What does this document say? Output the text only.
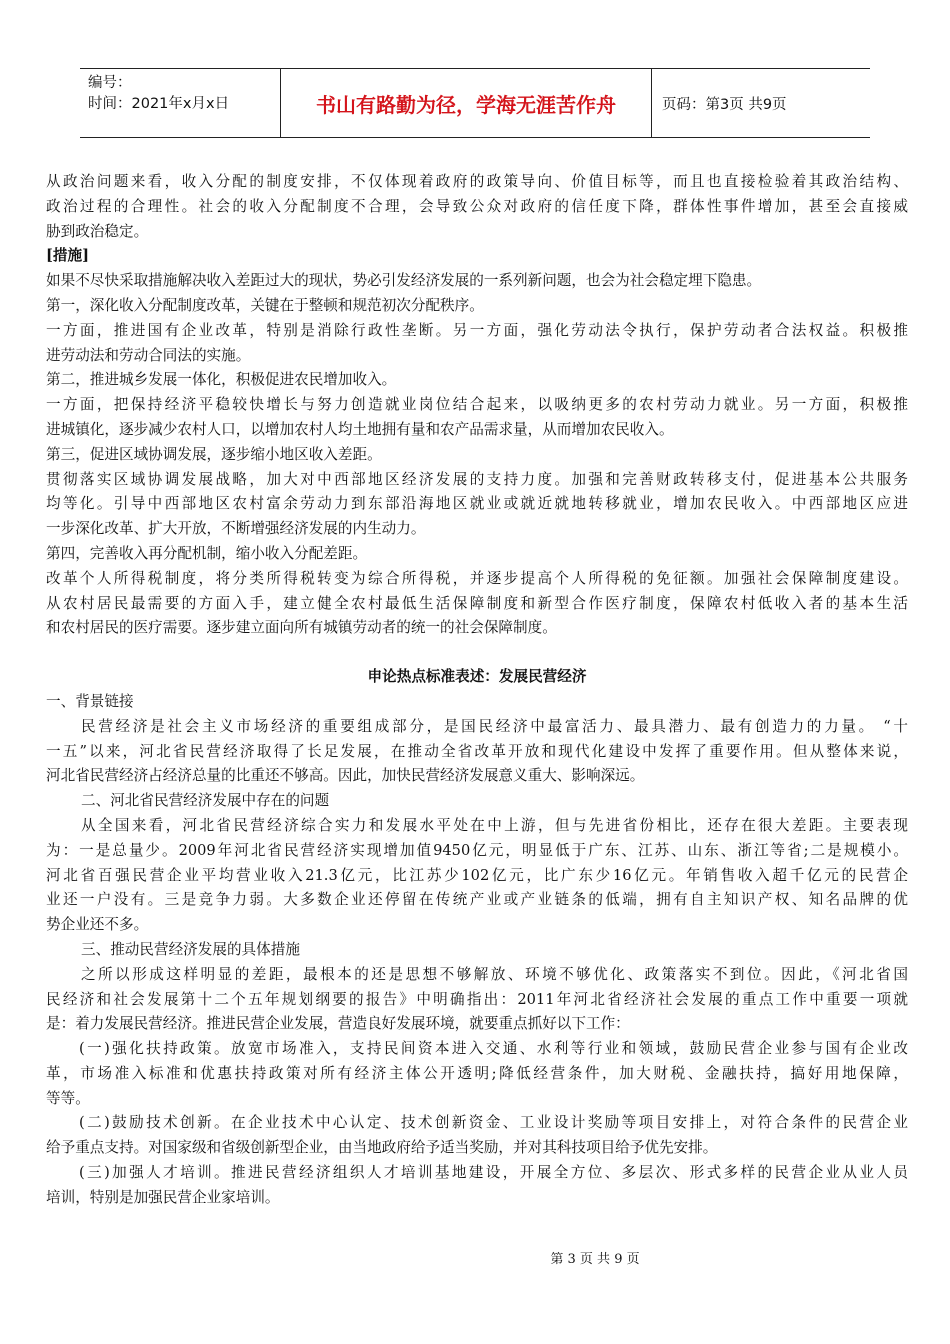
编号：
时间：2021年x月x日	书山有路勤为径，学海无涯苦作舟	页码：第3页 共9页
从政治问题来看，收入分配的制度安排，不仅体现着政府的政策导向、价值目标等，而且也直接检验着其政治结构、
政治过程的合理性。社会的收入分配制度不合理，会导致公众对政府的信任度下降，群体性事件增加，甚至会直接威
胁到政治稳定。
[措施]
如果不尽快采取措施解决收入差距过大的现状，势必引发经济发展的一系列新问题，也会为社会稳定埋下隐患。
第一，深化收入分配制度改革，关键在于整顿和规范初次分配秩序。
一方面，推进国有企业改革，特别是消除行政性垄断。另一方面，强化劳动法令执行，保护劳动者合法权益。积极推
进劳动法和劳动合同法的实施。
第二，推进城乡发展一体化，积极促进农民增加收入。
一方面，把保持经济平稳较快增长与努力创造就业岗位结合起来，以吸纳更多的农村劳动力就业。另一方面，积极推
进城镇化，逐步减少农村人口，以增加农村人均土地拥有量和农产品需求量，从而增加农民收入。
第三，促进区域协调发展，逐步缩小地区收入差距。
贯彻落实区域协调发展战略，加大对中西部地区经济发展的支持力度。加强和完善财政转移支付，促进基本公共服务
均等化。引导中西部地区农村富余劳动力到东部沿海地区就业或就近就地转移就业，增加农民收入。中西部地区应进
一步深化改革、扩大开放，不断增强经济发展的内生动力。
第四，完善收入再分配机制，缩小收入分配差距。
改革个人所得税制度，将分类所得税转变为综合所得税，并逐步提高个人所得税的免征额。加强社会保障制度建设。
从农村居民最需要的方面入手，建立健全农村最低生活保障制度和新型合作医疗制度，保障农村低收入者的基本生活
和农村居民的医疗需要。逐步建立面向所有城镇劳动者的统一的社会保障制度。
申论热点标准表述：发展民营经济
一、背景链接
民营经济是社会主义市场经济的重要组成部分，是国民经济中最富活力、最具潜力、最有创造力的力量。 “十
一五”以来，河北省民营经济取得了长足发展，在推动全省改革开放和现代化建设中发挥了重要作用。但从整体来说，
河北省民营经济占经济总量的比重还不够高。因此，加快民营经济发展意义重大、影响深远。
二、河北省民营经济发展中存在的问题
从全国来看，河北省民营经济综合实力和发展水平处在中上游，但与先进省份相比，还存在很大差距。主要表现
为：一是总量少。2009年河北省民营经济实现增加值9450亿元，明显低于广东、江苏、山东、浙江等省;二是规模小。
河北省百强民营企业平均营业收入21.3亿元，比江苏少102亿元，比广东少16亿元。年销售收入超千亿元的民营企
业还一户没有。三是竞争力弱。大多数企业还停留在传统产业或产业链条的低端，拥有自主知识产权、知名品牌的优
势企业还不多。
三、推动民营经济发展的具体措施
之所以形成这样明显的差距，最根本的还是思想不够解放、环境不够优化、政策落实不到位。因此，《河北省国
民经济和社会发展第十二个五年规划纲要的报告》中明确指出：2011年河北省经济社会发展的重点工作中重要一项就
是：着力发展民营经济。推进民营企业发展，营造良好发展环境，就要重点抓好以下工作：
(一)强化扶持政策。放宽市场准入，支持民间资本进入交通、水利等行业和领域，鼓励民营企业参与国有企业改
革，市场准入标准和优惠扶持政策对所有经济主体公开透明;降低经营条件，加大财税、金融扶持，搞好用地保障，
等等。
(二)鼓励技术创新。在企业技术中心认定、技术创新资金、工业设计奖励等项目安排上，对符合条件的民营企业
给予重点支持。对国家级和省级创新型企业，由当地政府给予适当奖励，并对其科技项目给予优先安排。
(三)加强人才培训。推进民营经济组织人才培训基地建设，开展全方位、多层次、形式多样的民营企业从业人员
培训，特别是加强民营企业家培训。
第 3 页 共 9 页
